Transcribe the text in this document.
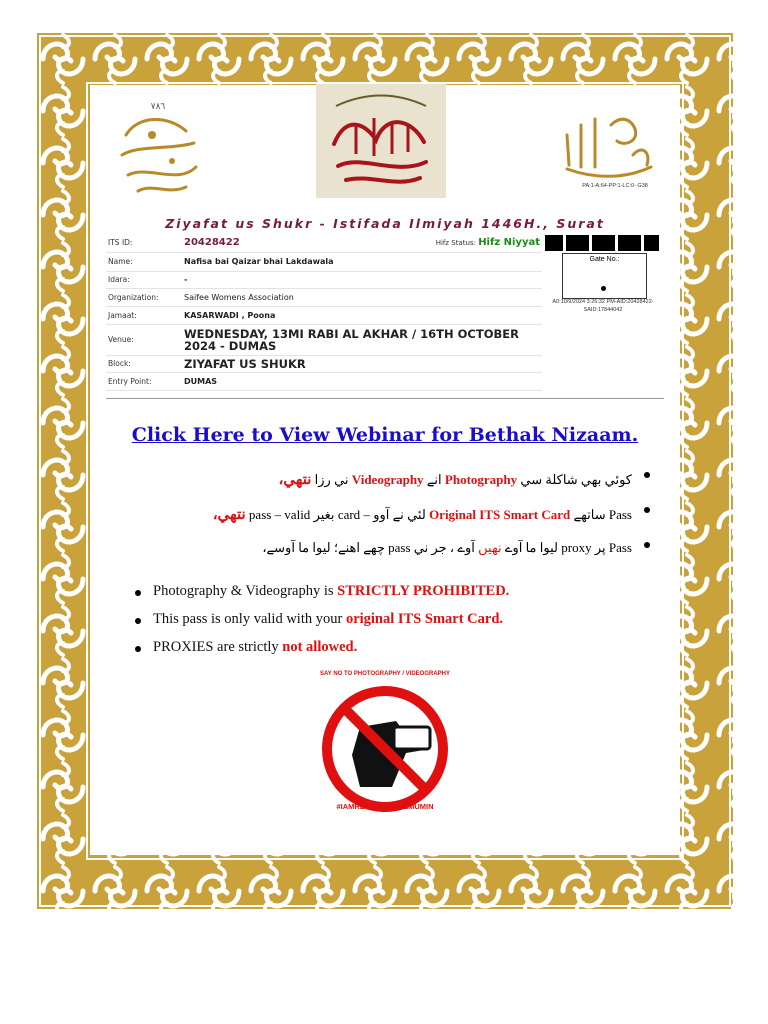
٧٨٦
PA:1-A:64-PP:1-LC:0- G38
Ziyafat us Shukr - Istifada Ilmiyah 1446H., Surat
ITS ID:	20428422 Hifz Status: Hifz Niyyat

Name:	Nafisa bai Qaizar bhai Lakdawala
Idara:	-
Organization:	Saifee Womens Association
Jamaat:	KASARWADI , Poona
Venue:	WEDNESDAY, 13MI RABI AL AKHAR / 16TH OCTOBER 2024 - DUMAS
Block:	ZIYAFAT US SHUKR
Entry Point:	DUMAS
Gate No.:
A0:10/9/2024 3:26:32 PM-AID:20428422-
SAID:17844042
Click Here to View Webinar for Bethak Nizaam.
كوئي بهي شاكلة سي Photography انے Videography ني رزا نتهي،
Pass ساتهے Original ITS Smart Card لئي نے آوو – card بغير pass – valid نتهي،
Pass پر proxy ليوا ما آوے نهيں آوے ، جر ني pass چهے اهنے؛ ليوا ما آوسے،
Photography & Videography is STRICTLY PROHIBITED.
This pass is only valid with your original ITS Smart Card.
PROXIES are strictly not allowed.
SAY NO TO PHOTOGRAPHY / VIDEOGRAPHY
#IAMRESPONSIBLEMUMIN
